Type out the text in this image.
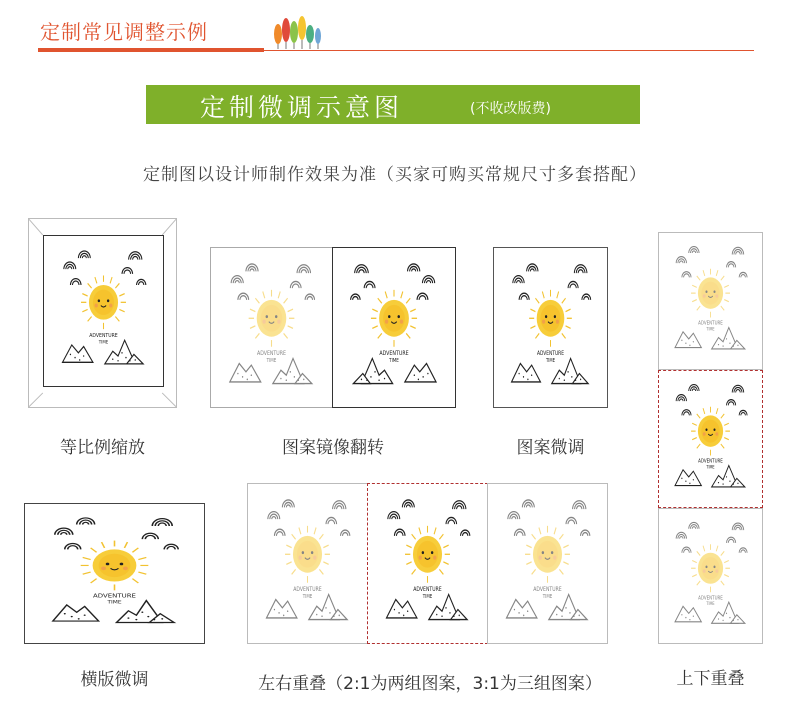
定制常见调整示例
定制微调示意图	(不收改版费)
定制图以设计师制作效果为准（买家可购买常规尺寸多套搭配）
ADVENTURE
TIME
等比例缩放
ADVENTURE
TIME
ADVENTURE
TIME
图案镜像翻转
ADVENTURE
TIME
图案微调
ADVENTURE
TIME
横版微调
ADVENTURE
TIME
ADVENTURE
TIME
ADVENTURE
TIME
左右重叠（2:1为两组图案，3:1为三组图案）
ADVENTURE
TIME
ADVENTURE
TIME
ADVENTURE
TIME
上下重叠
